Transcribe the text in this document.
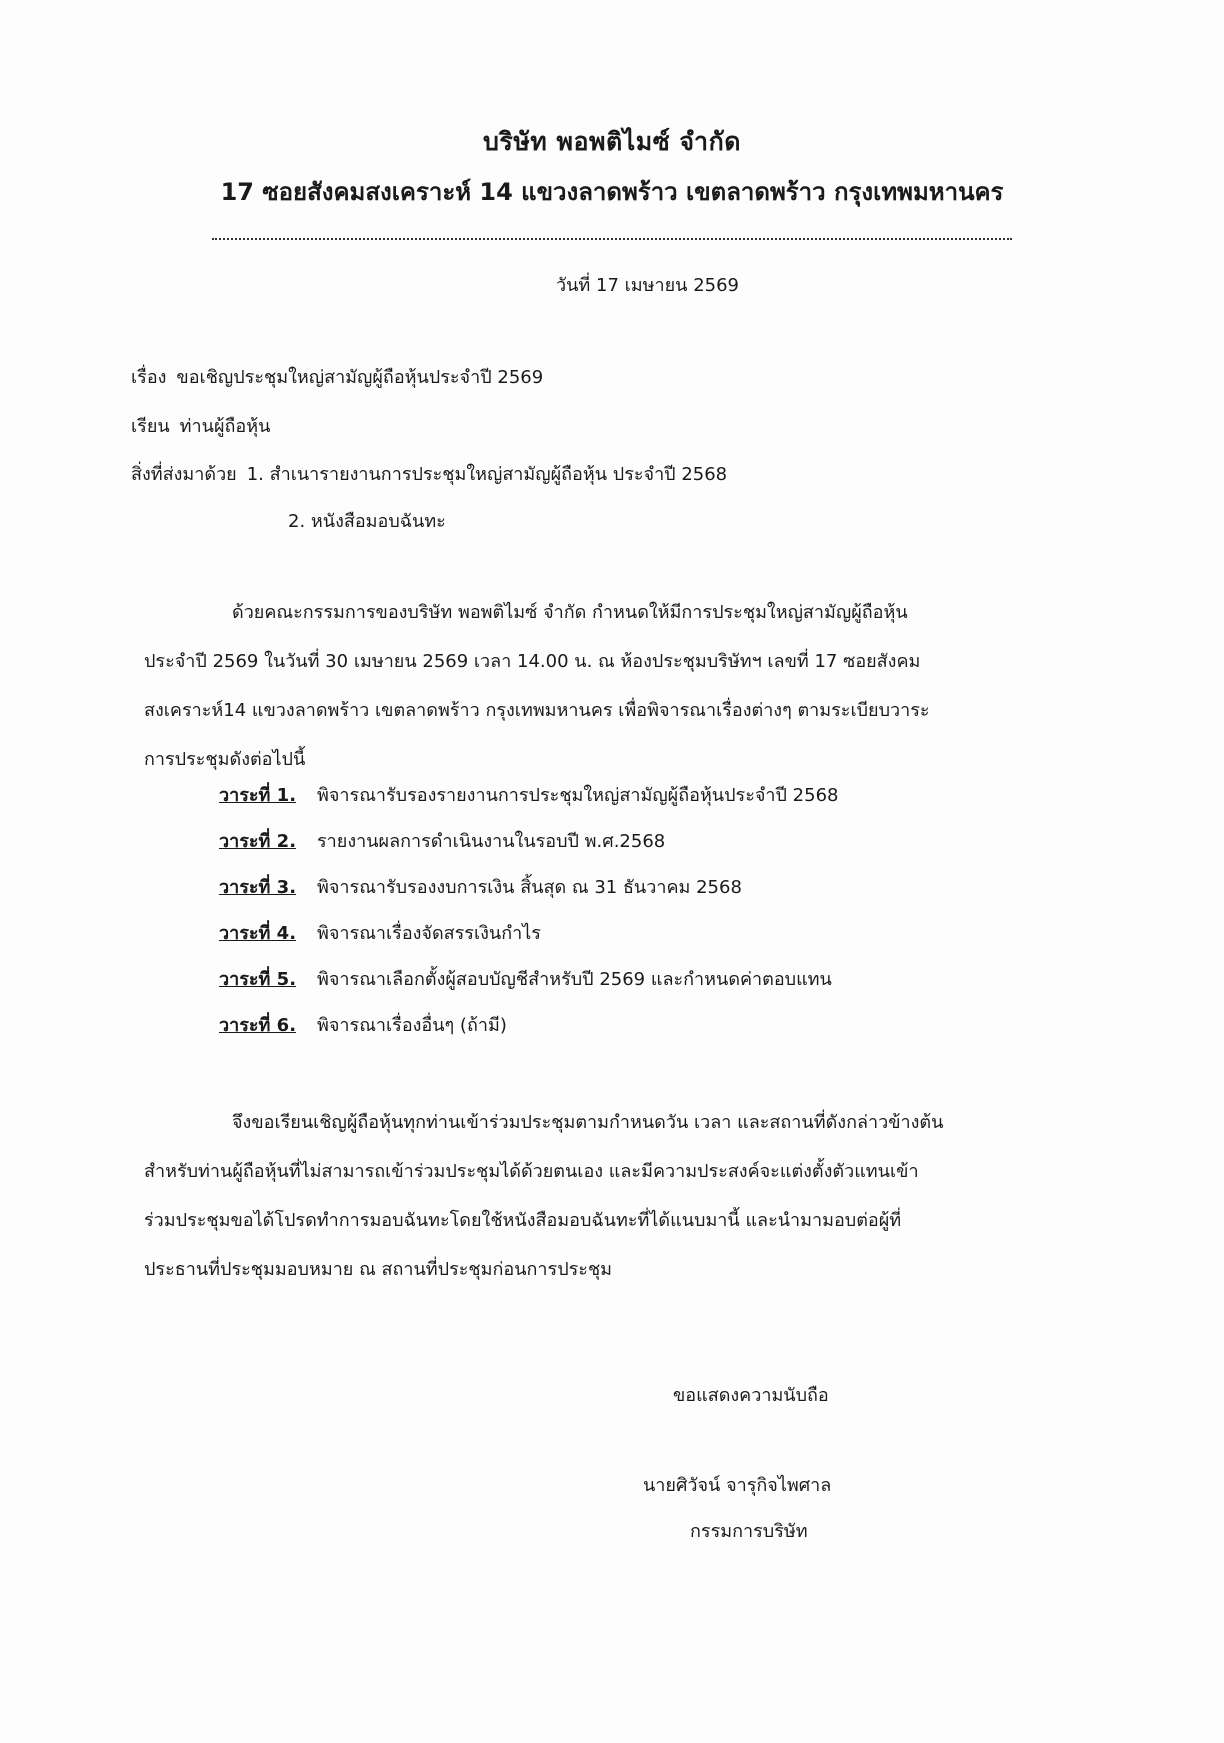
บริษัท พอพติไมซ์ จำกัด
17 ซอยสังคมสงเคราะห์ 14 แขวงลาดพร้าว เขตลาดพร้าว กรุงเทพมหานคร
วันที่ 17 เมษายน 2569
เรื่อง ขอเชิญประชุมใหญ่สามัญผู้ถือหุ้นประจำปี 2569
เรียน ท่านผู้ถือหุ้น
สิ่งที่ส่งมาด้วย 1. สำเนารายงานการประชุมใหญ่สามัญผู้ถือหุ้น ประจำปี 2568
2. หนังสือมอบฉันทะ
ด้วยคณะกรรมการของบริษัท พอพติไมซ์ จำกัด กำหนดให้มีการประชุมใหญ่สามัญผู้ถือหุ้น
ประจำปี 2569 ในวันที่ 30 เมษายน 2569 เวลา 14.00 น. ณ ห้องประชุมบริษัทฯ เลขที่ 17 ซอยสังคม
สงเคราะห์14 แขวงลาดพร้าว เขตลาดพร้าว กรุงเทพมหานคร เพื่อพิจารณาเรื่องต่างๆ ตามระเบียบวาระ
การประชุมดังต่อไปนี้
วาระที่ 1. พิจารณารับรองรายงานการประชุมใหญ่สามัญผู้ถือหุ้นประจำปี 2568
วาระที่ 2. รายงานผลการดำเนินงานในรอบปี พ.ศ.2568
วาระที่ 3. พิจารณารับรองงบการเงิน สิ้นสุด ณ 31 ธันวาคม 2568
วาระที่ 4. พิจารณาเรื่องจัดสรรเงินกำไร
วาระที่ 5. พิจารณาเลือกตั้งผู้สอบบัญชีสำหรับปี 2569 และกำหนดค่าตอบแทน
วาระที่ 6. พิจารณาเรื่องอื่นๆ (ถ้ามี)
จึงขอเรียนเชิญผู้ถือหุ้นทุกท่านเข้าร่วมประชุมตามกำหนดวัน เวลา และสถานที่ดังกล่าวข้างต้น
สำหรับท่านผู้ถือหุ้นที่ไม่สามารถเข้าร่วมประชุมได้ด้วยตนเอง และมีความประสงค์จะแต่งตั้งตัวแทนเข้า
ร่วมประชุมขอได้โปรดทำการมอบฉันทะโดยใช้หนังสือมอบฉันทะที่ได้แนบมานี้ และนำมามอบต่อผู้ที่
ประธานที่ประชุมมอบหมาย ณ สถานที่ประชุมก่อนการประชุม
ขอแสดงความนับถือ
นายศิวัจน์ จารุกิจไพศาล
กรรมการบริษัท
